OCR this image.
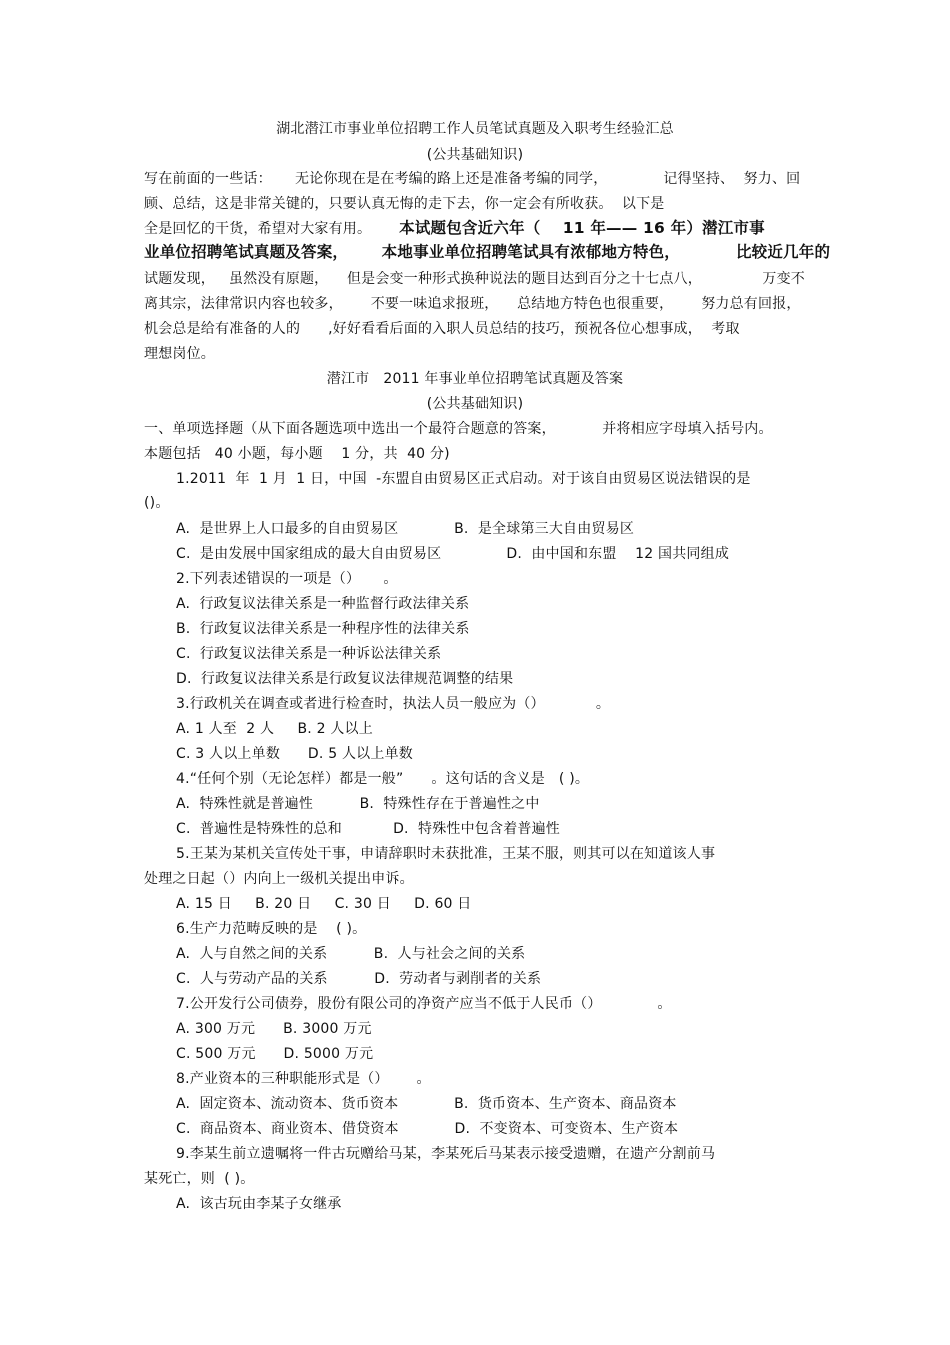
湖北潜江市事业单位招聘工作人员笔试真题及入职考生经验汇总
(公共基础知识)
写在前面的一些话：     无论你现在是在考编的路上还是准备考编的同学，            记得坚持、  努力、回
顾、总结，这是非常关键的，只要认真无悔的走下去，你一定会有所收获。  以下是
全是回忆的干货，希望对大家有用。      本试题包含近六年（    11 年—— 16 年）潜江市事
业单位招聘笔试真题及答案，      本地事业单位招聘笔试具有浓郁地方特色，          比较近几年的
试题发现，   虽然没有原题，    但是会变一种形式换种说法的题目达到百分之十七点八，             万变不
离其宗，法律常识内容也较多，      不要一味追求报班，    总结地方特色也很重要，      努力总有回报，
机会总是给有准备的人的      ,好好看看后面的入职人员总结的技巧，预祝各位心想事成，  考取
理想岗位。
潜江市   2011 年事业单位招聘笔试真题及答案
(公共基础知识)
一、单项选择题（从下面各题选项中选出一个最符合题意的答案，          并将相应字母填入括号内。
本题包括   40 小题，每小题    1 分，共  40 分)
1.2011  年  1 月  1 日，中国  -东盟自由贸易区正式启动。对于该自由贸易区说法错误的是
()。
A.  是世界上人口最多的自由贸易区            B.  是全球第三大自由贸易区
C.  是由发展中国家组成的最大自由贸易区              D.  由中国和东盟    12 国共同组成
2.下列表述错误的一项是（）     。
A.  行政复议法律关系是一种监督行政法律关系
B.  行政复议法律关系是一种程序性的法律关系
C.  行政复议法律关系是一种诉讼法律关系
D.  行政复议法律关系是行政复议法律规范调整的结果
3.行政机关在调查或者进行检查时，执法人员一般应为（）           。
A. 1 人至  2 人     B. 2 人以上
C. 3 人以上单数      D. 5 人以上单数
4.“任何个别（无论怎样）都是一般”      。这句话的含义是   ( )。
A.  特殊性就是普遍性          B.  特殊性存在于普遍性之中
C.  普遍性是特殊性的总和           D.  特殊性中包含着普遍性
5.王某为某机关宣传处干事，申请辞职时未获批准，王某不服，则其可以在知道该人事
处理之日起（）内向上一级机关提出申诉。
A. 15 日     B. 20 日     C. 30 日     D. 60 日
6.生产力范畴反映的是    ( )。
A.  人与自然之间的关系          B.  人与社会之间的关系
C.  人与劳动产品的关系          D.  劳动者与剥削者的关系
7.公开发行公司债券，股份有限公司的净资产应当不低于人民币（）            。
A. 300 万元      B. 3000 万元
C. 500 万元      D. 5000 万元
8.产业资本的三种职能形式是（）      。
A.  固定资本、流动资本、货币资本            B.  货币资本、生产资本、商品资本
C.  商品资本、商业资本、借贷资本            D.  不变资本、可变资本、生产资本
9.李某生前立遗嘱将一件古玩赠给马某，李某死后马某表示接受遗赠，在遗产分割前马
某死亡，则  ( )。
A.  该古玩由李某子女继承
